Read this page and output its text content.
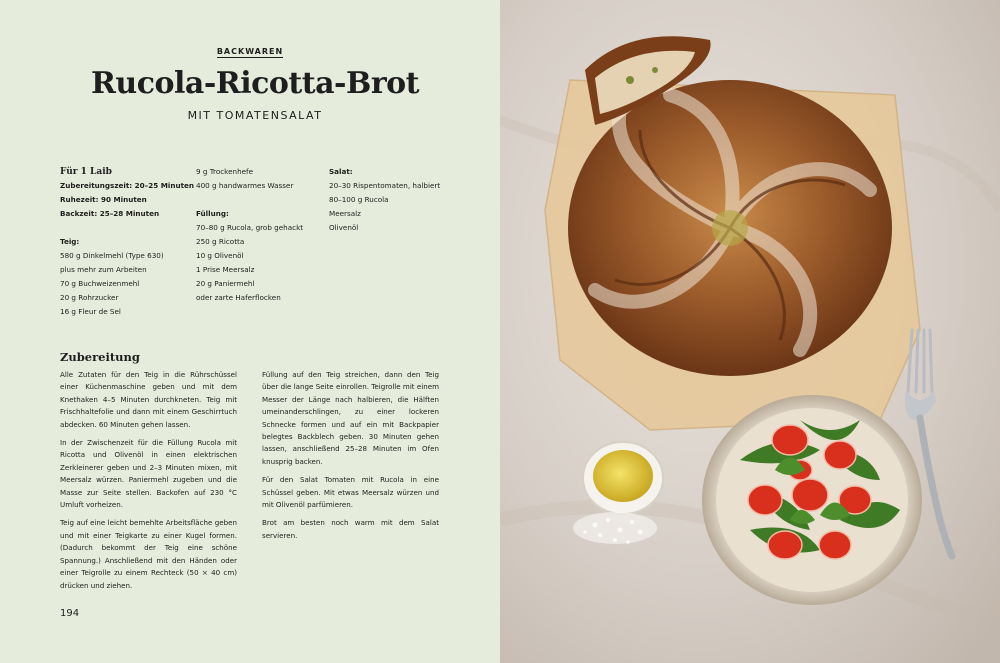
BACKWAREN
Rucola-Ricotta-Brot
MIT TOMATENSALAT
Für 1 Laib
Zubereitungszeit: 20–25 Minuten
Ruhezeit: 90 Minuten
Backzeit: 25–28 Minuten
Teig:
580 g Dinkelmehl (Type 630)
plus mehr zum Arbeiten
70 g Buchweizenmehl
20 g Rohrzucker
16 g Fleur de Sel
9 g Trockenhefe
400 g handwarmes Wasser
Füllung:
70–80 g Rucola, grob gehackt
250 g Ricotta
10 g Olivenöl
1 Prise Meersalz
20 g Paniermehl
oder zarte Haferflocken
Salat:
20–30 Rispentomaten, halbiert
80–100 g Rucola
Meersalz
Olivenöl
Zubereitung

Alle Zutaten für den Teig in die Rührschüssel einer Küchenmaschine geben und mit dem Knethaken 4–5 Minuten durchkneten. Teig mit Frischhaltefolie und dann mit einem Geschirrtuch abdecken. 60 Minuten gehen lassen.

In der Zwischenzeit für die Füllung Rucola mit Ricotta und Olivenöl in einen elektrischen Zerkleinerer geben und 2–3 Minuten mixen, mit Meersalz würzen. Paniermehl zugeben und die Masse zur Seite stellen. Backofen auf 230 °C Umluft vorheizen.

Teig auf eine leicht bemehlte Arbeitsfläche geben und mit einer Teigkarte zu einer Kugel formen. (Dadurch bekommt der Teig eine schöne Spannung.) Anschließend mit den Händen oder einer Teigrolle zu einem Rechteck (50 × 40 cm) drücken und ziehen.

Füllung auf den Teig streichen, dann den Teig über die lange Seite einrollen. Teigrolle mit einem Messer der Länge nach halbieren, die Hälften umeinanderschlingen, zu einer lockeren Schnecke formen und auf ein mit Backpapier belegtes Backblech geben. 30 Minuten gehen lassen, anschließend 25–28 Minuten im Ofen knusprig backen.

Für den Salat Tomaten mit Rucola in eine Schüssel geben. Mit etwas Meersalz würzen und mit Olivenöl parfümieren.

Brot am besten noch warm mit dem Salat servieren.

194
